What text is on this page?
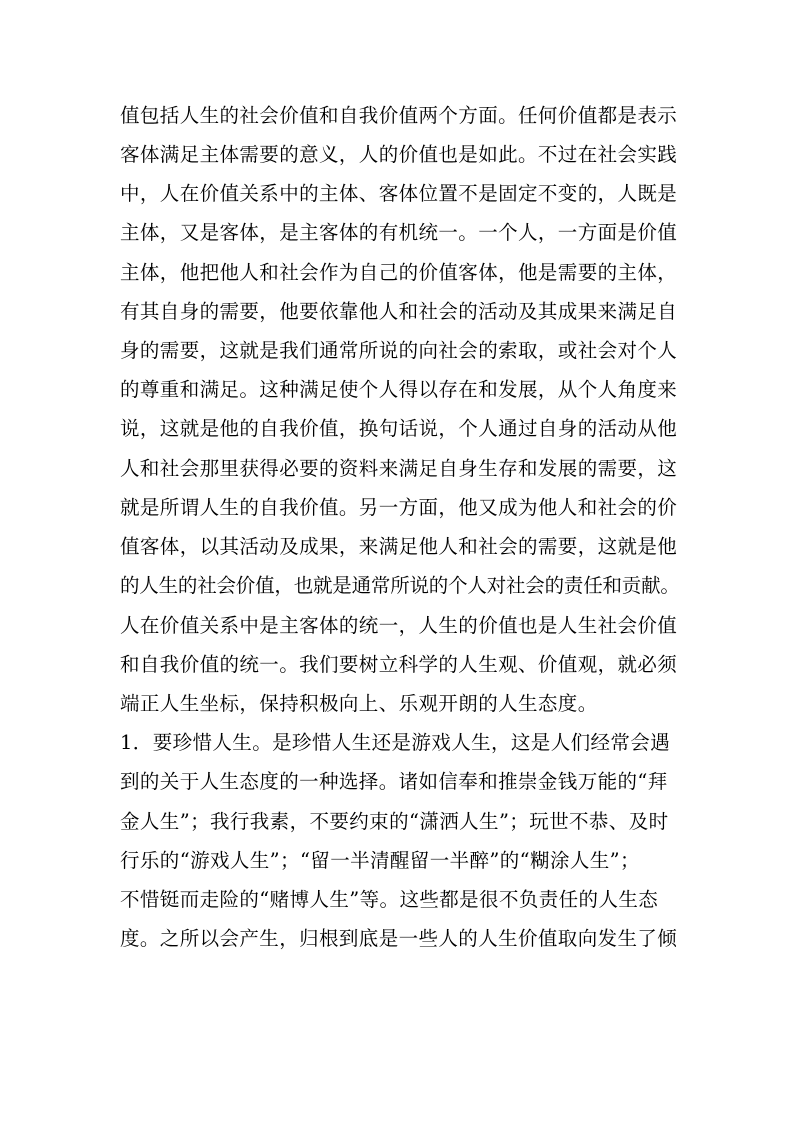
值包括人生的社会价值和自我价值两个方面。任何价值都是表示
客体满足主体需要的意义，人的价值也是如此。不过在社会实践
中，人在价值关系中的主体、客体位置不是固定不变的，人既是
主体，又是客体，是主客体的有机统一。一个人，一方面是价值
主体，他把他人和社会作为自己的价值客体，他是需要的主体，
有其自身的需要，他要依靠他人和社会的活动及其成果来满足自
身的需要，这就是我们通常所说的向社会的索取，或社会对个人
的尊重和满足。这种满足使个人得以存在和发展，从个人角度来
说，这就是他的自我价值，换句话说，个人通过自身的活动从他
人和社会那里获得必要的资料来满足自身生存和发展的需要，这
就是所谓人生的自我价值。另一方面，他又成为他人和社会的价
值客体，以其活动及成果，来满足他人和社会的需要，这就是他
的人生的社会价值，也就是通常所说的个人对社会的责任和贡献。
人在价值关系中是主客体的统一，人生的价值也是人生社会价值
和自我价值的统一。我们要树立科学的人生观、价值观，就必须
端正人生坐标，保持积极向上、乐观开朗的人生态度。
1．要珍惜人生。是珍惜人生还是游戏人生，这是人们经常会遇
到的关于人生态度的一种选择。诸如信奉和推崇金钱万能的“拜
金人生”；我行我素，不要约束的“潇洒人生”；玩世不恭、及时
行乐的“游戏人生”；“留一半清醒留一半醉”的“糊涂人生”；
不惜铤而走险的“赌博人生”等。这些都是很不负责任的人生态
度。之所以会产生，归根到底是一些人的人生价值取向发生了倾
